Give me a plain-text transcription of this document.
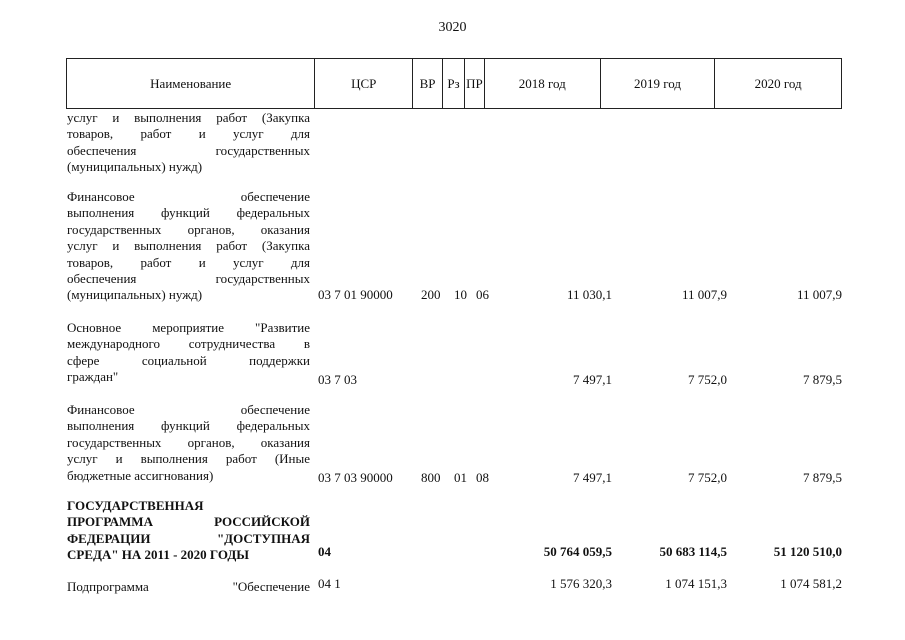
3020
Наименование	ЦСР	ВР Рз ПР	2018 год	2019 год	2020 год
услуг и выполнения работ (Закупка
товаров, работ и услуг для
обеспечения государственных
(муниципальных) нужд)
Финансовое обеспечение
выполнения функций федеральных
государственных органов, оказания
услуг и выполнения работ (Закупка
товаров, работ и услуг для
обеспечения государственных
(муниципальных) нужд)	03 7 01 90000 200 10 06	11 030,1	11 007,9	11 007,9
Основное мероприятие "Развитие
международного сотрудничества в
сфере социальной поддержки
граждан"	03 7 03	7 497,1	7 752,0	7 879,5
Финансовое обеспечение
выполнения функций федеральных
государственных органов, оказания
услуг и выполнения работ (Иные
бюджетные ассигнования)	03 7 03 90000 800 01 08	7 497,1	7 752,0	7 879,5
ГОСУДАРСТВЕННАЯ
ПРОГРАММА РОССИЙСКОЙ
ФЕДЕРАЦИИ "ДОСТУПНАЯ
СРЕДА" НА 2011 - 2020 ГОДЫ	04	50 764 059,5	50 683 114,5	51 120 510,0
Подпрограмма "Обеспечение 04 1	1 576 320,3	1 074 151,3	1 074 581,2
